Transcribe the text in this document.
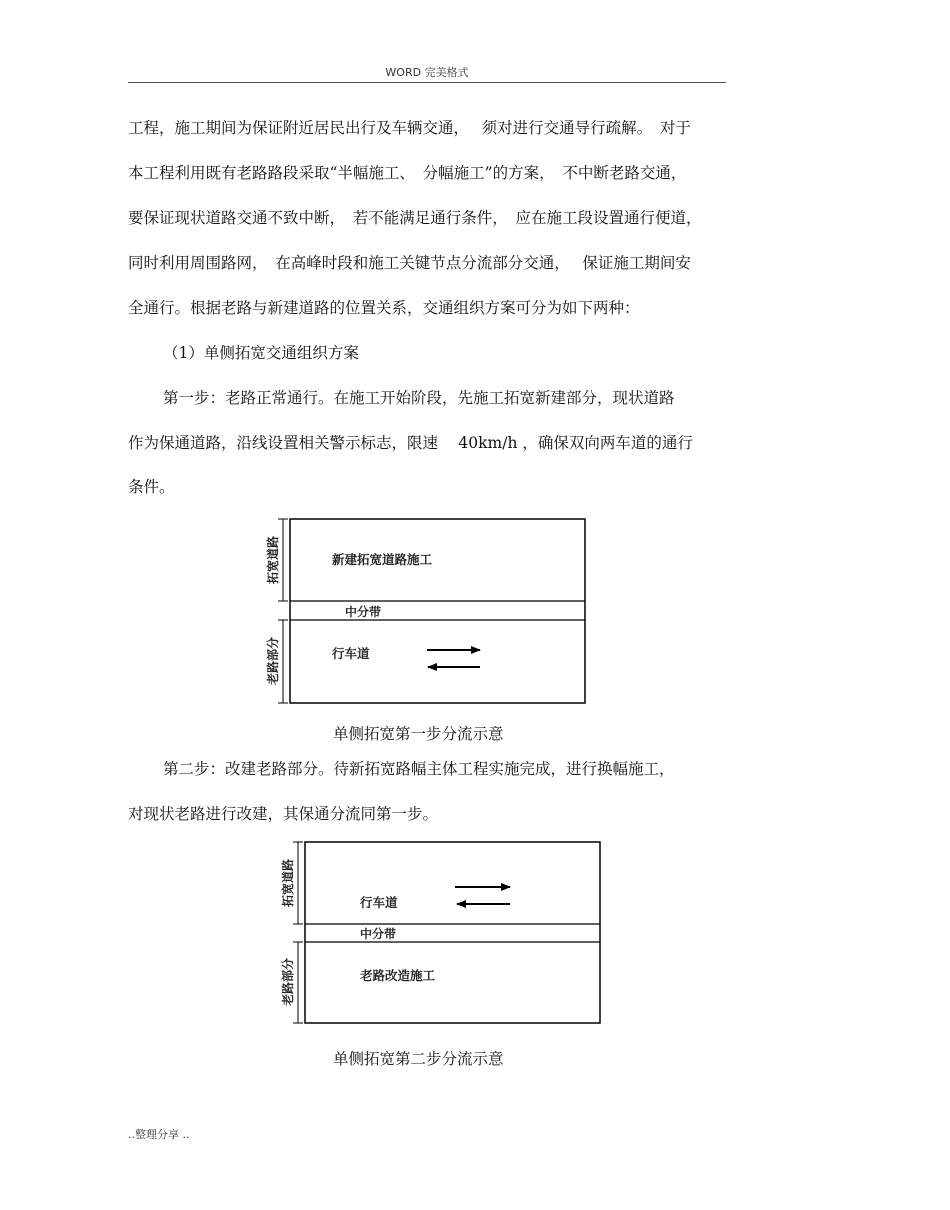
WORD 完美格式
工程，施工期间为保证附近居民出行及车辆交通，　 须对进行交通导行疏解。　对于
本工程利用既有老路路段采取“半幅施工、　分幅施工”的方案，　不中断老路交通，
要保证现状道路交通不致中断，　若不能满足通行条件，　应在施工段设置通行便道，
同时利用周围路网，　在高峰时段和施工关键节点分流部分交通，　 保证施工期间安
全通行。根据老路与新建道路的位置关系，交通组织方案可分为如下两种：
（1）单侧拓宽交通组织方案
第一步：老路正常通行。在施工开始阶段，先施工拓宽新建部分，现状道路
作为保通道路，沿线设置相关警示标志，限速　 40km/h ，确保双向两车道的通行
条件。
拓宽道路
老路部分
新建拓宽道路施工
中分带
行车道
单侧拓宽第一步分流示意
第二步：改建老路部分。待新拓宽路幅主体工程实施完成，进行换幅施工，
对现状老路进行改建，其保通分流同第一步。
拓宽道路
老路部分
行车道
中分带
老路改造施工
单侧拓宽第二步分流示意
..整理分享 ..
